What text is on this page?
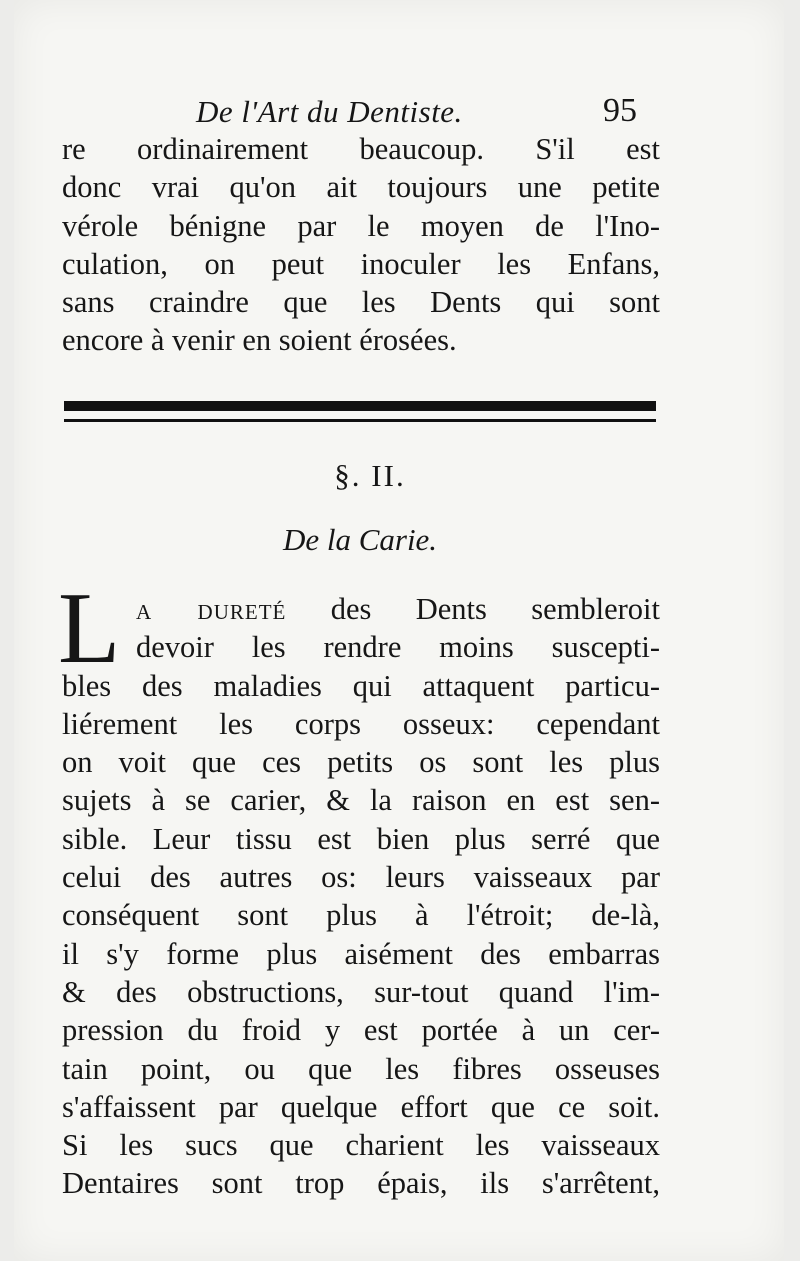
De l'Art du Dentiste.	95
re ordinairement beaucoup. S'il est
donc vrai qu'on ait toujours une petite
vérole bénigne par le moyen de l'Ino-
culation, on peut inoculer les Enfans,
sans craindre que les Dents qui sont
encore à venir en soient érosées.
§. II.
De la Carie.
L a dureté des Dents sembleroit
devoir les rendre moins suscepti-
bles des maladies qui attaquent particu-
liérement les corps osseux: cependant
on voit que ces petits os sont les plus
sujets à se carier, & la raison en est sen-
sible. Leur tissu est bien plus serré que
celui des autres os: leurs vaisseaux par
conséquent sont plus à l'étroit; de-là,
il s'y forme plus aisément des embarras
& des obstructions, sur-tout quand l'im-
pression du froid y est portée à un cer-
tain point, ou que les fibres osseuses
s'affaissent par quelque effort que ce soit.
Si les sucs que charient les vaisseaux
Dentaires sont trop épais, ils s'arrêtent,
